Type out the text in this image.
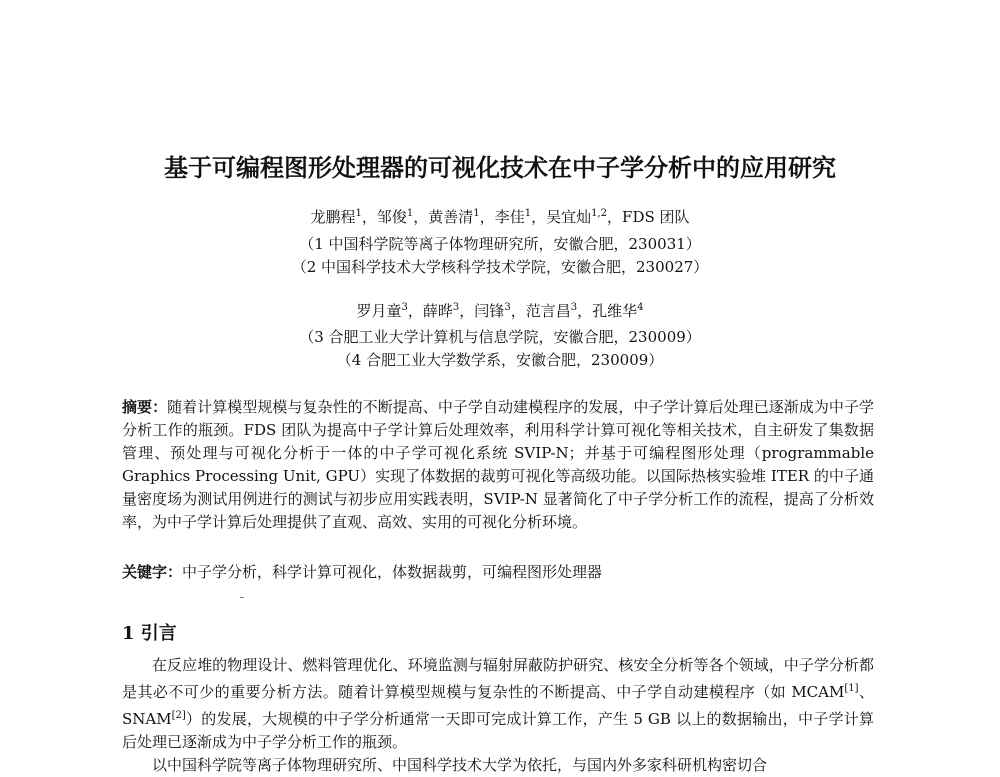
基于可编程图形处理器的可视化技术在中子学分析中的应用研究
龙鹏程$^1$，邹俊$^1$，黄善清$^1$，李佳$^1$，吴宜灿$^{1,2}$，FDS 团队
（1 中国科学院等离子体物理研究所，安徽合肥，230031）
（2 中国科学技术大学核科学技术学院，安徽合肥，230027）
罗月童$^3$，薛晔$^3$，闫锋$^3$，范言昌$^3$，孔维华$^4$
（3 合肥工业大学计算机与信息学院，安徽合肥，230009）
（4 合肥工业大学数学系，安徽合肥，230009）
摘要：随着计算模型规模与复杂性的不断提高、中子学自动建模程序的发展，中子学计算后处理已逐渐成为中子学分析工作的瓶颈。FDS 团队为提高中子学计算后处理效率，利用科学计算可视化等相关技术，自主研发了集数据管理、预处理与可视化分析于一体的中子学可视化系统 SVIP-N；并基于可编程图形处理（programmable Graphics Processing Unit, GPU）实现了体数据的裁剪可视化等高级功能。以国际热核实验堆 ITER 的中子通量密度场为测试用例进行的测试与初步应用实践表明，SVIP-N 显著简化了中子学分析工作的流程，提高了分析效率，为中子学计算后处理提供了直观、高效、实用的可视化分析环境。
关键字：中子学分析，科学计算可视化，体数据裁剪，可编程图形处理器
1 引言

在反应堆的物理设计、燃料管理优化、环境监测与辐射屏蔽防护研究、核安全分析等各个领域，中子学分析都是其必不可少的重要分析方法。随着计算模型规模与复杂性的不断提高、中子学自动建模程序（如 MCAM[1]、SNAM[2]）的发展，大规模的中子学分析通常一天即可完成计算工作，产生 5 GB 以上的数据输出，中子学计算后处理已逐渐成为中子学分析工作的瓶颈。

以中国科学院等离子体物理研究所、中国科学技术大学为依托，与国内外多家科研机构密切合
